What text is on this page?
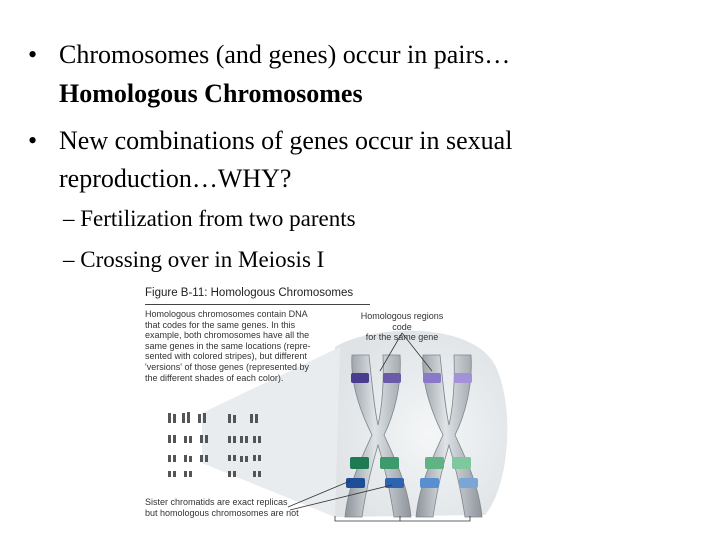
• Chromosomes (and genes) occur in pairs…
Homologous Chromosomes
• New combinations of genes occur in sexual
reproduction…WHY?
– Fertilization from two parents
– Crossing over in Meiosis I
Figure B-11: Homologous Chromosomes
Homologous chromosomes contain DNA
that codes for the same genes. In this
example, both chromosomes have all the
same genes in the same locations (repre-
sented with colored stripes), but different
'versions' of those genes (represented by
the different shades of each color).
Homologous regions code
for the same gene
Sister chromatids are exact replicas
but homologous chromosomes are not
